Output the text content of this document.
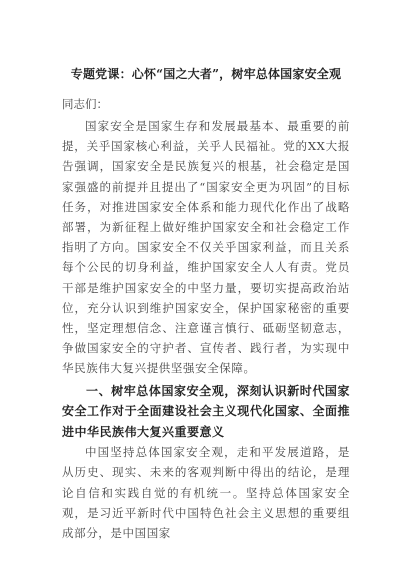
专题党课：心怀“国之大者”，树牢总体国家安全观
同志们：

国家安全是国家生存和发展最基本、最重要的前提，关乎国家核心利益，关乎人民福祉。党的XX大报告强调，国家安全是民族复兴的根基，社会稳定是国家强盛的前提并且提出了“国家安全更为巩固”的目标任务，对推进国家安全体系和能力现代化作出了战略部署，为新征程上做好维护国家安全和社会稳定工作指明了方向。国家安全不仅关乎国家利益，而且关系每个公民的切身利益，维护国家安全人人有责。党员干部是维护国家安全的中坚力量，要切实提高政治站位，充分认识到维护国家安全，保护国家秘密的重要性，坚定理想信念、注意谨言慎行、砥砺坚韧意志，争做国家安全的守护者、宣传者、践行者，为实现中华民族伟大复兴提供坚强安全保障。

一、树牢总体国家安全观，深刻认识新时代国家安全工作对于全面建设社会主义现代化国家、全面推进中华民族伟大复兴重要意义

中国坚持总体国家安全观，走和平发展道路，是从历史、现实、未来的客观判断中得出的结论，是理论自信和实践自觉的有机统一。坚持总体国家安全观，是习近平新时代中国特色社会主义思想的重要组成部分，是中国国家
